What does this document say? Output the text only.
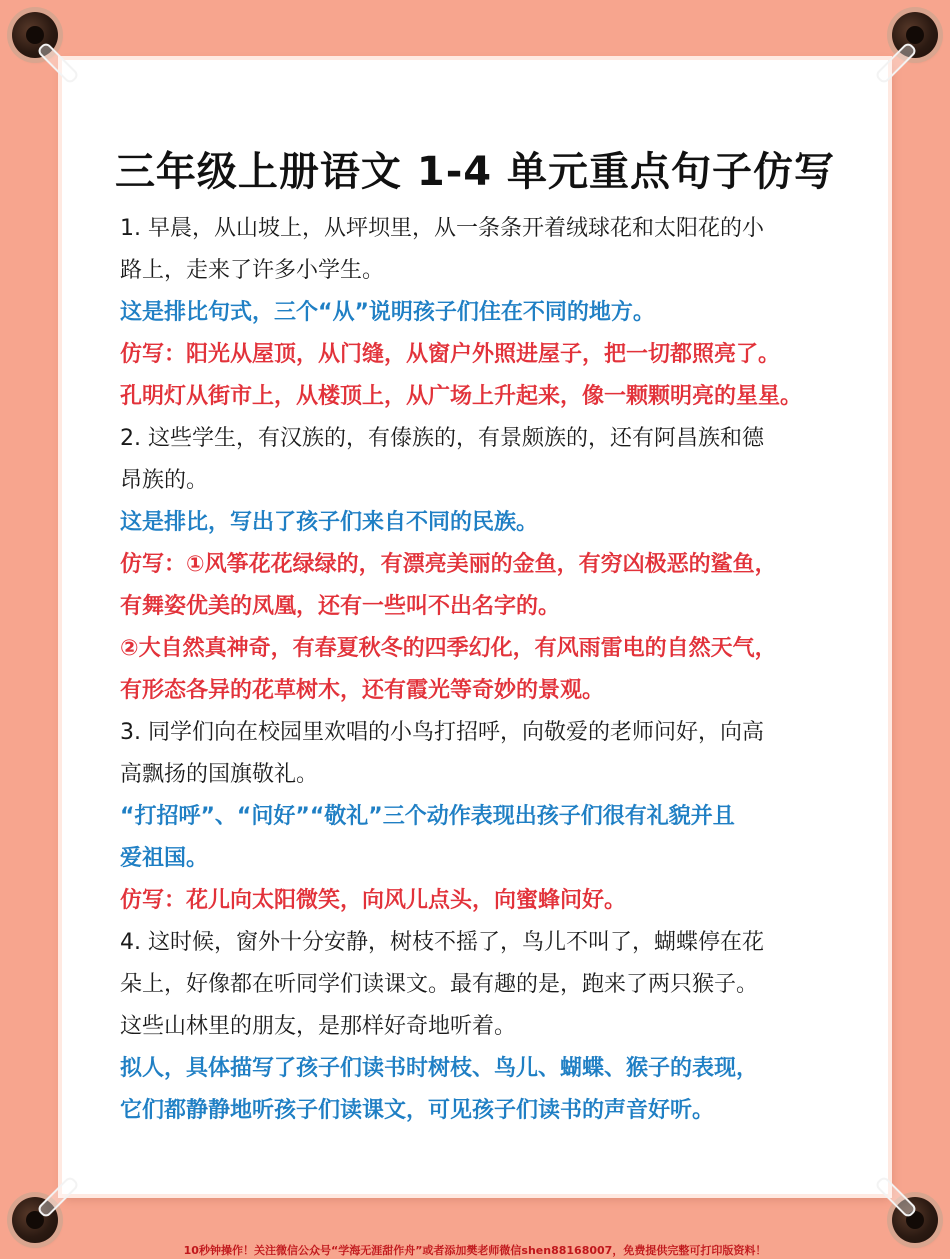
三年级上册语文 1-4 单元重点句子仿写
1. 早晨，从山坡上，从坪坝里，从一条条开着绒球花和太阳花的小
路上，走来了许多小学生。
这是排比句式，三个“从”说明孩子们住在不同的地方。
仿写：阳光从屋顶，从门缝，从窗户外照进屋子，把一切都照亮了。
孔明灯从街市上，从楼顶上，从广场上升起来，像一颗颗明亮的星星。
2. 这些学生，有汉族的，有傣族的，有景颇族的，还有阿昌族和德
昂族的。
这是排比，写出了孩子们来自不同的民族。
仿写：①风筝花花绿绿的，有漂亮美丽的金鱼，有穷凶极恶的鲨鱼，
有舞姿优美的凤凰，还有一些叫不出名字的。
②大自然真神奇，有春夏秋冬的四季幻化，有风雨雷电的自然天气，
有形态各异的花草树木，还有霞光等奇妙的景观。
3. 同学们向在校园里欢唱的小鸟打招呼，向敬爱的老师问好，向高
高飘扬的国旗敬礼。
“打招呼”、“问好”“敬礼”三个动作表现出孩子们很有礼貌并且
爱祖国。
仿写：花儿向太阳微笑，向风儿点头，向蜜蜂问好。
4. 这时候，窗外十分安静，树枝不摇了，鸟儿不叫了，蝴蝶停在花
朵上，好像都在听同学们读课文。最有趣的是，跑来了两只猴子。
这些山林里的朋友，是那样好奇地听着。
拟人，具体描写了孩子们读书时树枝、鸟儿、蝴蝶、猴子的表现，
它们都静静地听孩子们读课文，可见孩子们读书的声音好听。
10秒钟操作！关注微信公众号“学海无涯甜作舟”或者添加樊老师微信shen88168007，免费提供完整可打印版资料！
